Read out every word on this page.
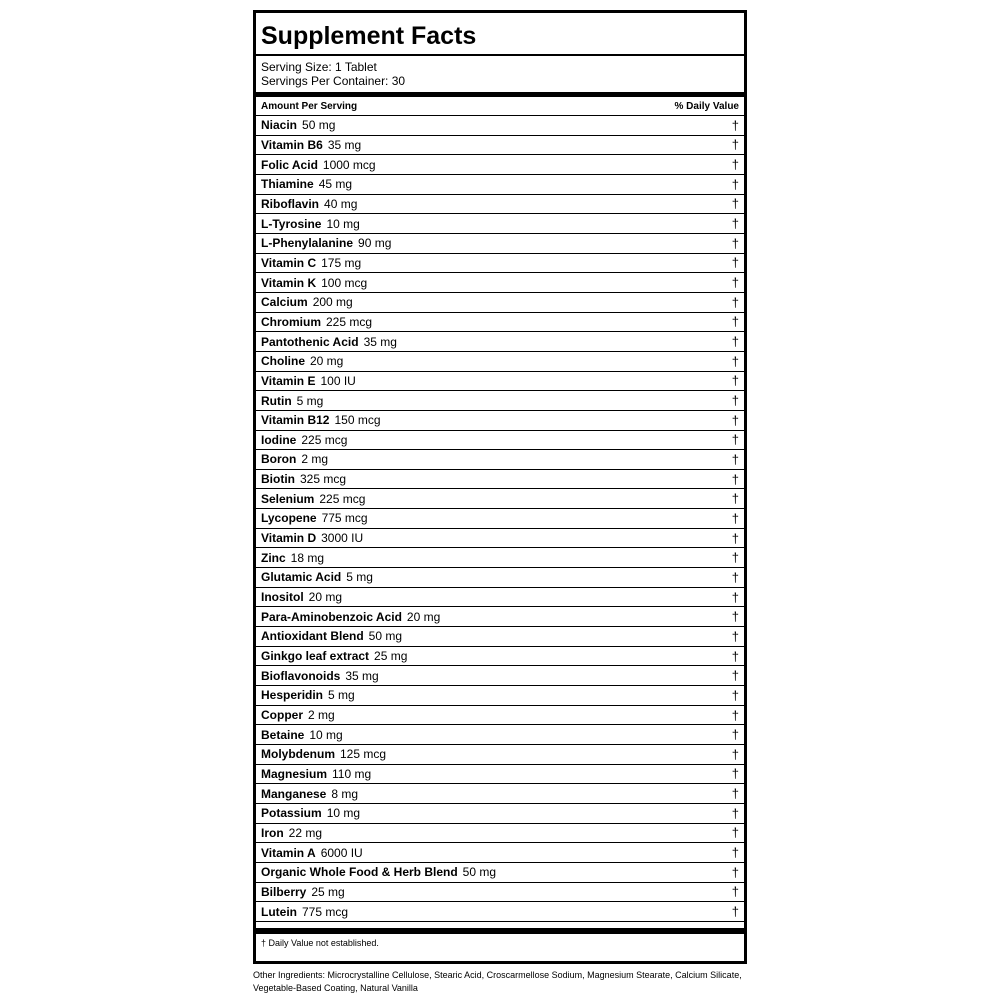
Supplement Facts
Serving Size: 1 Tablet
Servings Per Container: 30
Amount Per Serving	% Daily Value
Niacin 50 mg	†
Vitamin B6 35 mg	†
Folic Acid 1000 mcg	†
Thiamine 45 mg	†
Riboflavin 40 mg	†
L-Tyrosine 10 mg	†
L-Phenylalanine 90 mg	†
Vitamin C 175 mg	†
Vitamin K 100 mcg	†
Calcium 200 mg	†
Chromium 225 mcg	†
Pantothenic Acid 35 mg	†
Choline 20 mg	†
Vitamin E 100 IU	†
Rutin 5 mg	†
Vitamin B12 150 mcg	†
Iodine 225 mcg	†
Boron 2 mg	†
Biotin 325 mcg	†
Selenium 225 mcg	†
Lycopene 775 mcg	†
Vitamin D 3000 IU	†
Zinc 18 mg	†
Glutamic Acid 5 mg	†
Inositol 20 mg	†
Para-Aminobenzoic Acid 20 mg	†
Antioxidant Blend 50 mg	†
Ginkgo leaf extract 25 mg	†
Bioflavonoids 35 mg	†
Hesperidin 5 mg	†
Copper 2 mg	†
Betaine 10 mg	†
Molybdenum 125 mcg	†
Magnesium 110 mg	†
Manganese 8 mg	†
Potassium 10 mg	†
Iron 22 mg	†
Vitamin A 6000 IU	†
Organic Whole Food & Herb Blend 50 mg	†
Bilberry 25 mg	†
Lutein 775 mcg	†
† Daily Value not established.
Other Ingredients: Microcrystalline Cellulose, Stearic Acid, Croscarmellose Sodium, Magnesium Stearate, Calcium Silicate, Vegetable-Based Coating, Natural Vanilla
